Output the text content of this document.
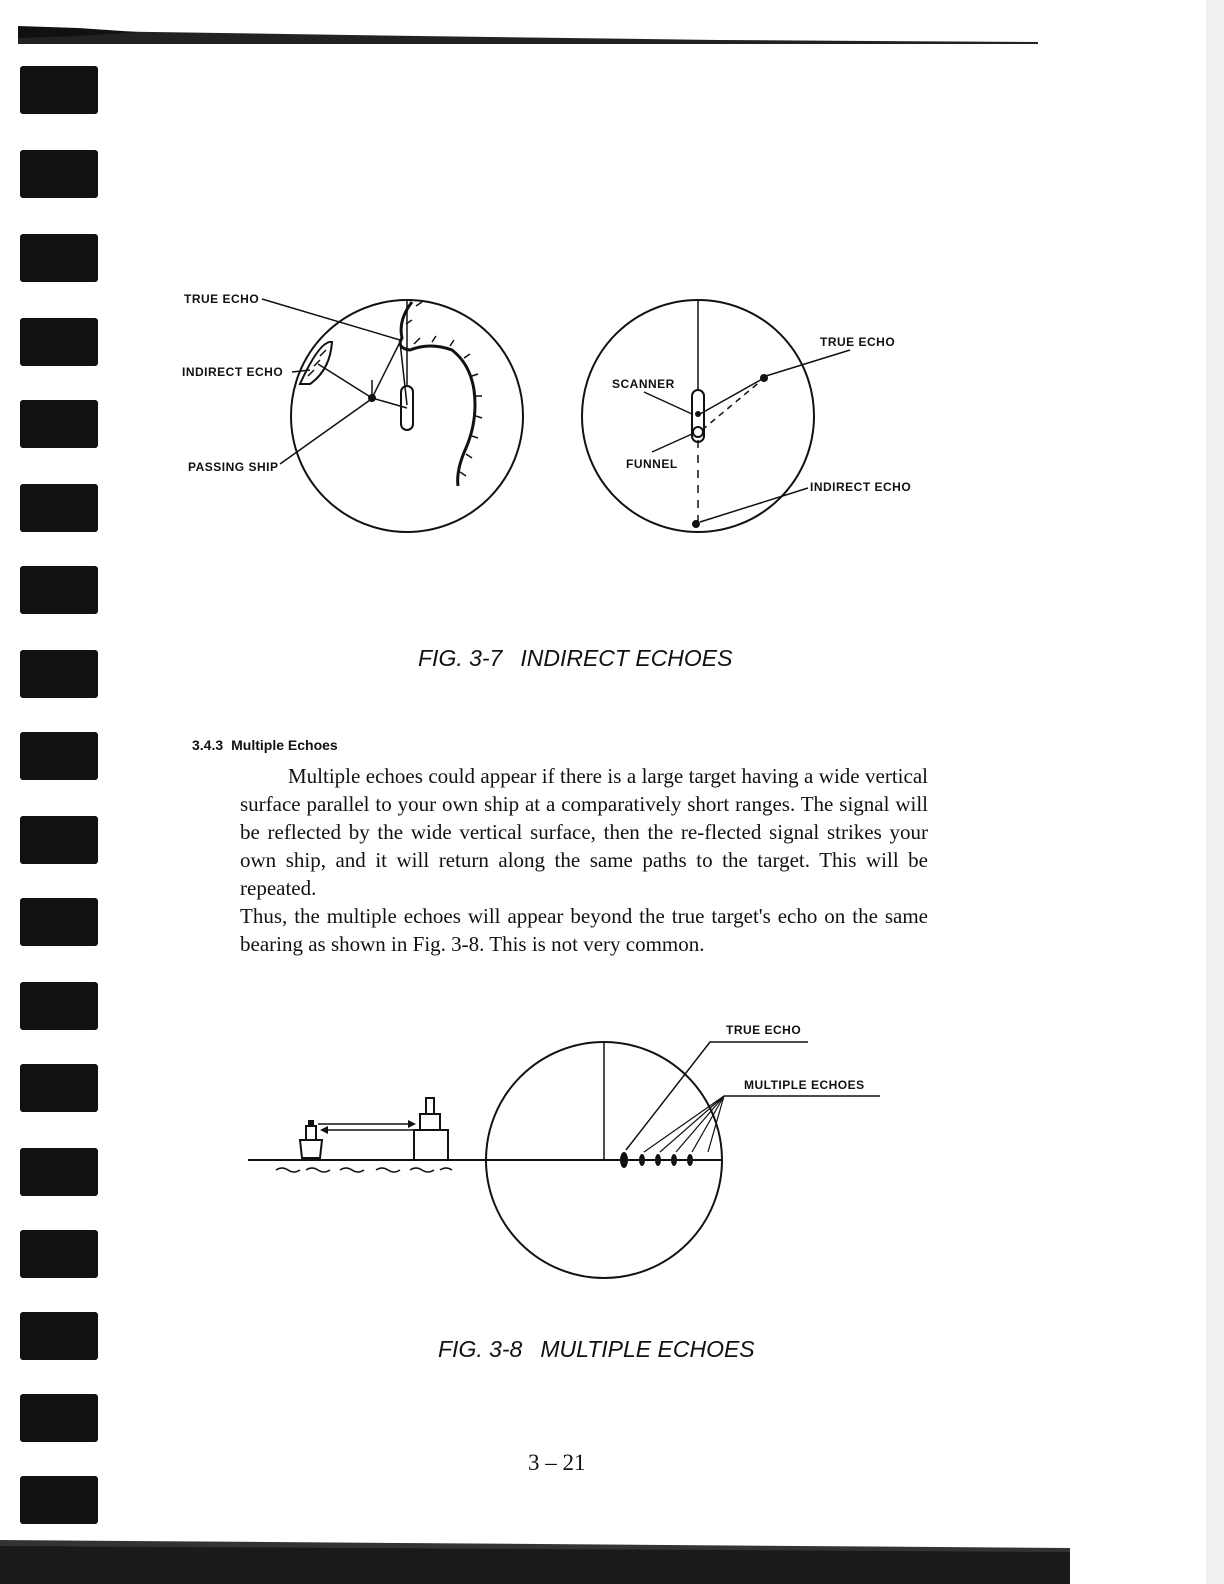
TRUE ECHO
INDIRECT ECHO
PASSING SHIP
TRUE ECHO
SCANNER
FUNNEL
INDIRECT ECHO
FIG. 3-7 INDIRECT ECHOES
3.4.3 Multiple Echoes

Multiple echoes could appear if there is a large target having a wide vertical surface parallel to your own ship at a comparatively short ranges. The signal will be reflected by the wide vertical surface, then the re-flected signal strikes your own ship, and it will return along the same paths to the target. This will be repeated.

Thus, the multiple echoes will appear beyond the true target's echo on the same bearing as shown in Fig. 3-8. This is not very common.

TRUE ECHO
MULTIPLE ECHOES
FIG. 3-8 MULTIPLE ECHOES
3 – 21
